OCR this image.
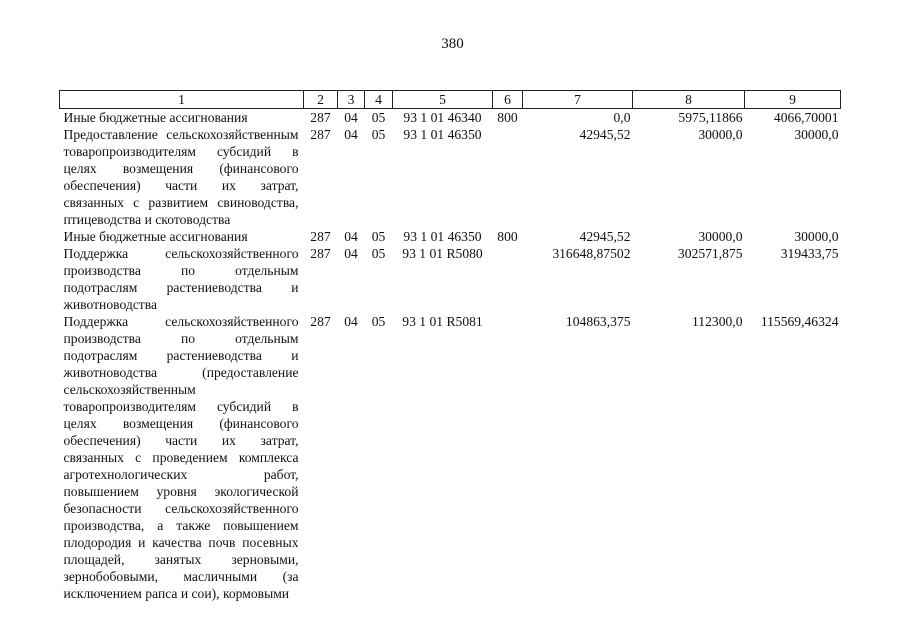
380
1	2	3	4	5	6	7	8	9
Иные бюджетные ассигнования	287	04	05	93 1 01 46340	800	0,0	5975,11866	4066,70001
Предоставление сельскохозяйственным товаропроизводителям субсидий в целях возмещения (финансового обеспечения) части их затрат, связанных с развитием свиноводства, птицеводства и скотоводства	287	04	05	93 1 01 46350		42945,52	30000,0	30000,0
Иные бюджетные ассигнования	287	04	05	93 1 01 46350	800	42945,52	30000,0	30000,0
Поддержка сельскохозяйственного производства по отдельным подотраслям растениеводства и животноводства	287	04	05	93 1 01 R5080		316648,87502	302571,875	319433,75
Поддержка сельскохозяйственного производства по отдельным подотраслям растениеводства и животноводства (предоставление сельскохозяйственным товаропроизводителям субсидий в целях возмещения (финансового обеспечения) части их затрат, связанных с проведением комплекса агротехнологических работ, повышением уровня экологической безопасности сельскохозяйственного производства, а также повышением плодородия и качества почв посевных площадей, занятых зерновыми, зернобобовыми, масличными (за исключением рапса и сои), кормовыми	287	04	05	93 1 01 R5081		104863,375	112300,0	115569,46324
